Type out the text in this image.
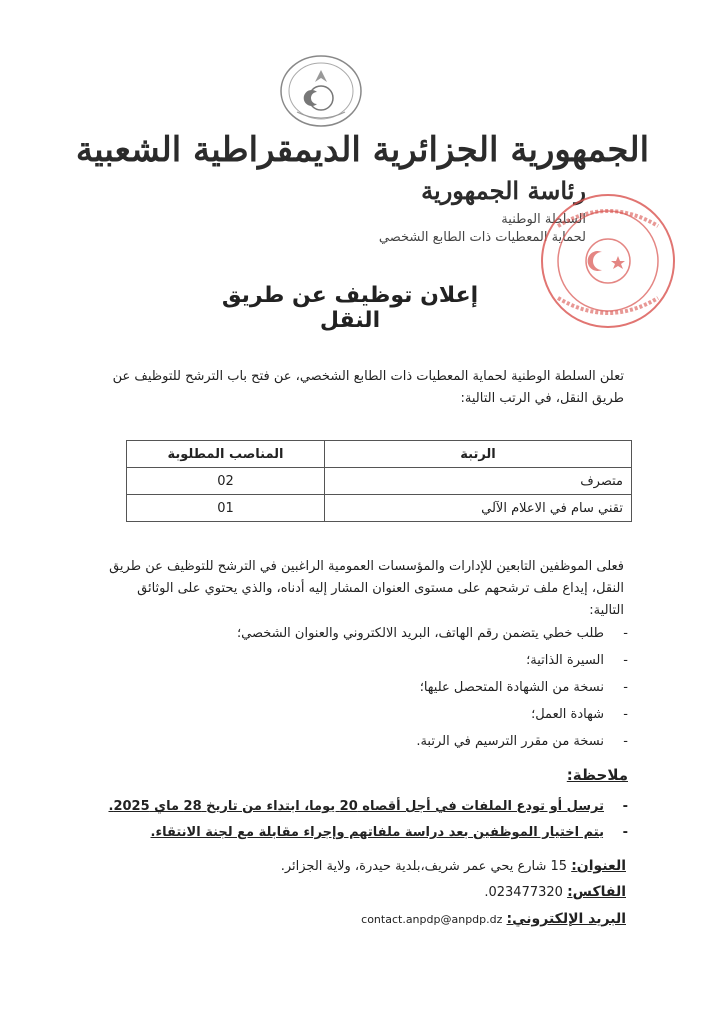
الجمهورية الجزائرية الديمقراطية الشعبية
رئاسة الجمهورية
السلطة الوطنية
لحماية المعطيات ذات الطابع الشخصي
إعلان توظيف عن طريق النقل
تعلن السلطة الوطنية لحماية المعطيات ذات الطابع الشخصي، عن فتح باب الترشح للتوظيف عن طريق النقل، في الرتب التالية:
الرتبة	المناصب المطلوبة
متصرف	02
تقني سام في الاعلام الآلي	01
فعلى الموظفين التابعين للإدارات والمؤسسات العمومية الراغبين في الترشح للتوظيف عن طريق النقل، إيداع ملف ترشحهم على مستوى العنوان المشار إليه أدناه، والذي يحتوي على الوثائق التالية:
- طلب خطي يتضمن رقم الهاتف، البريد الالكتروني والعنوان الشخصي؛
- السيرة الذاتية؛
- نسخة من الشهادة المتحصل عليها؛
- شهادة العمل؛
- نسخة من مقرر الترسيم في الرتبة.
ملاحظة:
- ترسل أو تودع الملفات في أجل أقصاه 20 يوما، ابتداء من تاريخ 28 ماي 2025.
- يتم اختيار الموظفين بعد دراسة ملفاتهم وإجراء مقابلة مع لجنة الانتقاء.
العنوان: 15 شارع يحي عمر شريف،بلدية حيدرة، ولاية الجزائر.
الفاكس: 023477320.
البريد الإلكتروني: contact.anpdp@anpdp.dz
